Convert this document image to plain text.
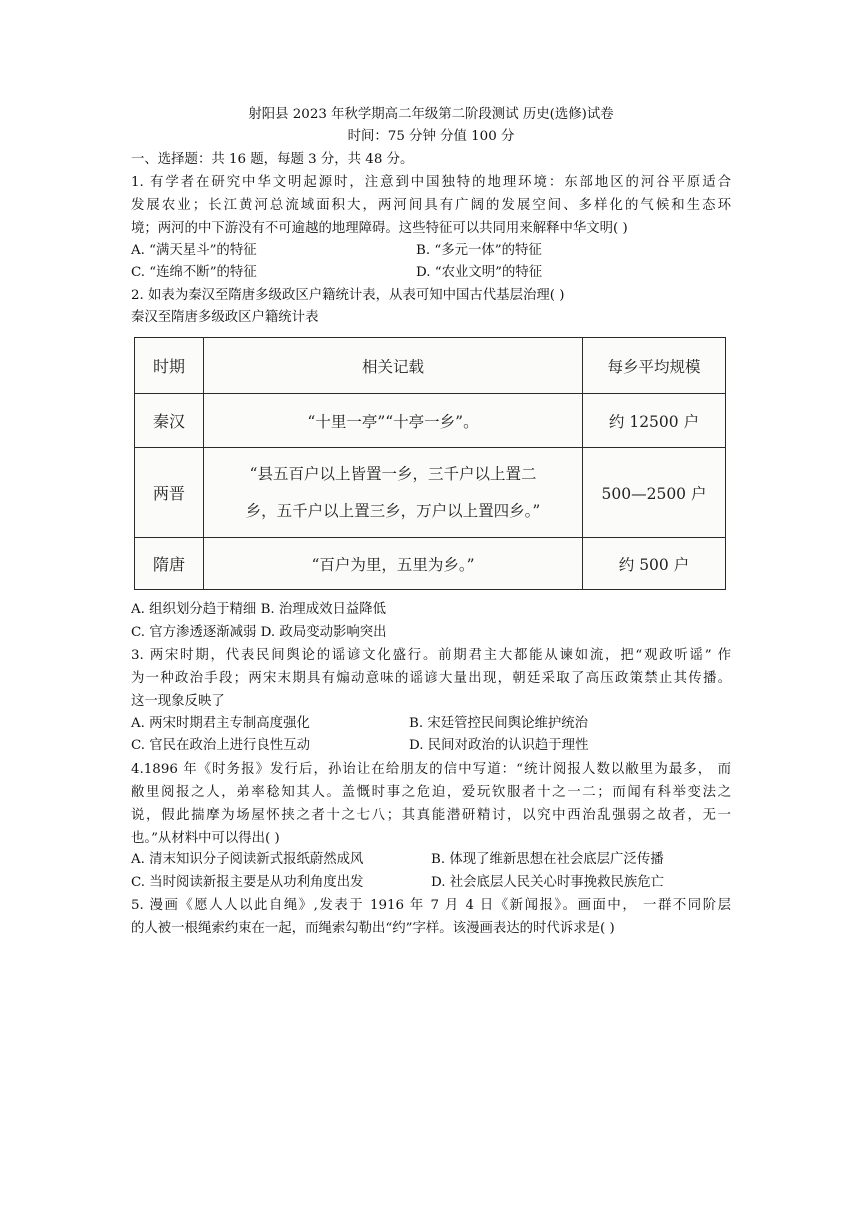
射阳县 2023 年秋学期高二年级第二阶段测试 历史(选修)试卷
时间：75 分钟 分值 100 分
一、选择题：共 16 题，每题 3 分，共 48 分。
1. 有学者在研究中华文明起源时，注意到中国独特的地理环境：东部地区的河谷平原适合
发展农业；长江黄河总流域面积大，两河间具有广阔的发展空间、多样化的气候和生态环
境；两河的中下游没有不可逾越的地理障碍。这些特征可以共同用来解释中华文明( )
A. “满天星斗”的特征	B. “多元一体”的特征
C. “连绵不断”的特征	D. “农业文明”的特征
2. 如表为秦汉至隋唐多级政区户籍统计表，从表可知中国古代基层治理( )
秦汉至隋唐多级政区户籍统计表
时期	相关记载	每乡平均规模
秦汉	“十里一亭”“十亭一乡”。	约 12500 户
两晋	“县五百户以上皆置一乡，三千户以上置二
乡，五千户以上置三乡，万户以上置四乡。”	500—2500 户
隋唐	“百户为里，五里为乡。”	约 500 户
A. 组织划分趋于精细 B. 治理成效日益降低
C. 官方渗透逐渐减弱 D. 政局变动影响突出
3. 两宋时期，代表民间舆论的谣谚文化盛行。前期君主大都能从谏如流，把“观政听谣” 作
为一种政治手段；两宋末期具有煽动意味的谣谚大量出现，朝廷采取了高压政策禁止其传播。
这一现象反映了
A. 两宋时期君主专制高度强化	B. 宋廷管控民间舆论维护统治
C. 官民在政治上进行良性互动	D. 民间对政治的认识趋于理性
4.1896 年《时务报》发行后，孙诒让在给朋友的信中写道：“统计阅报人数以敝里为最多， 而
敝里阅报之人，弟率稔知其人。盖慨时事之危迫，爱玩钦服者十之一二；而闻有科举变法之
说，假此揣摩为场屋怀挟之者十之七八；其真能潜研精讨，以究中西治乱强弱之故者，无一
也。”从材料中可以得出( )
A. 清末知识分子阅读新式报纸蔚然成风	B. 体现了维新思想在社会底层广泛传播
C. 当时阅读新报主要是从功利角度出发	D. 社会底层人民关心时事挽救民族危亡
5. 漫画《愿人人以此自绳》,发表于 1916 年 7 月 4 日《新闻报》。画面中， 一群不同阶层
的人被一根绳索约束在一起，而绳索勾勒出“约”字样。该漫画表达的时代诉求是( )
